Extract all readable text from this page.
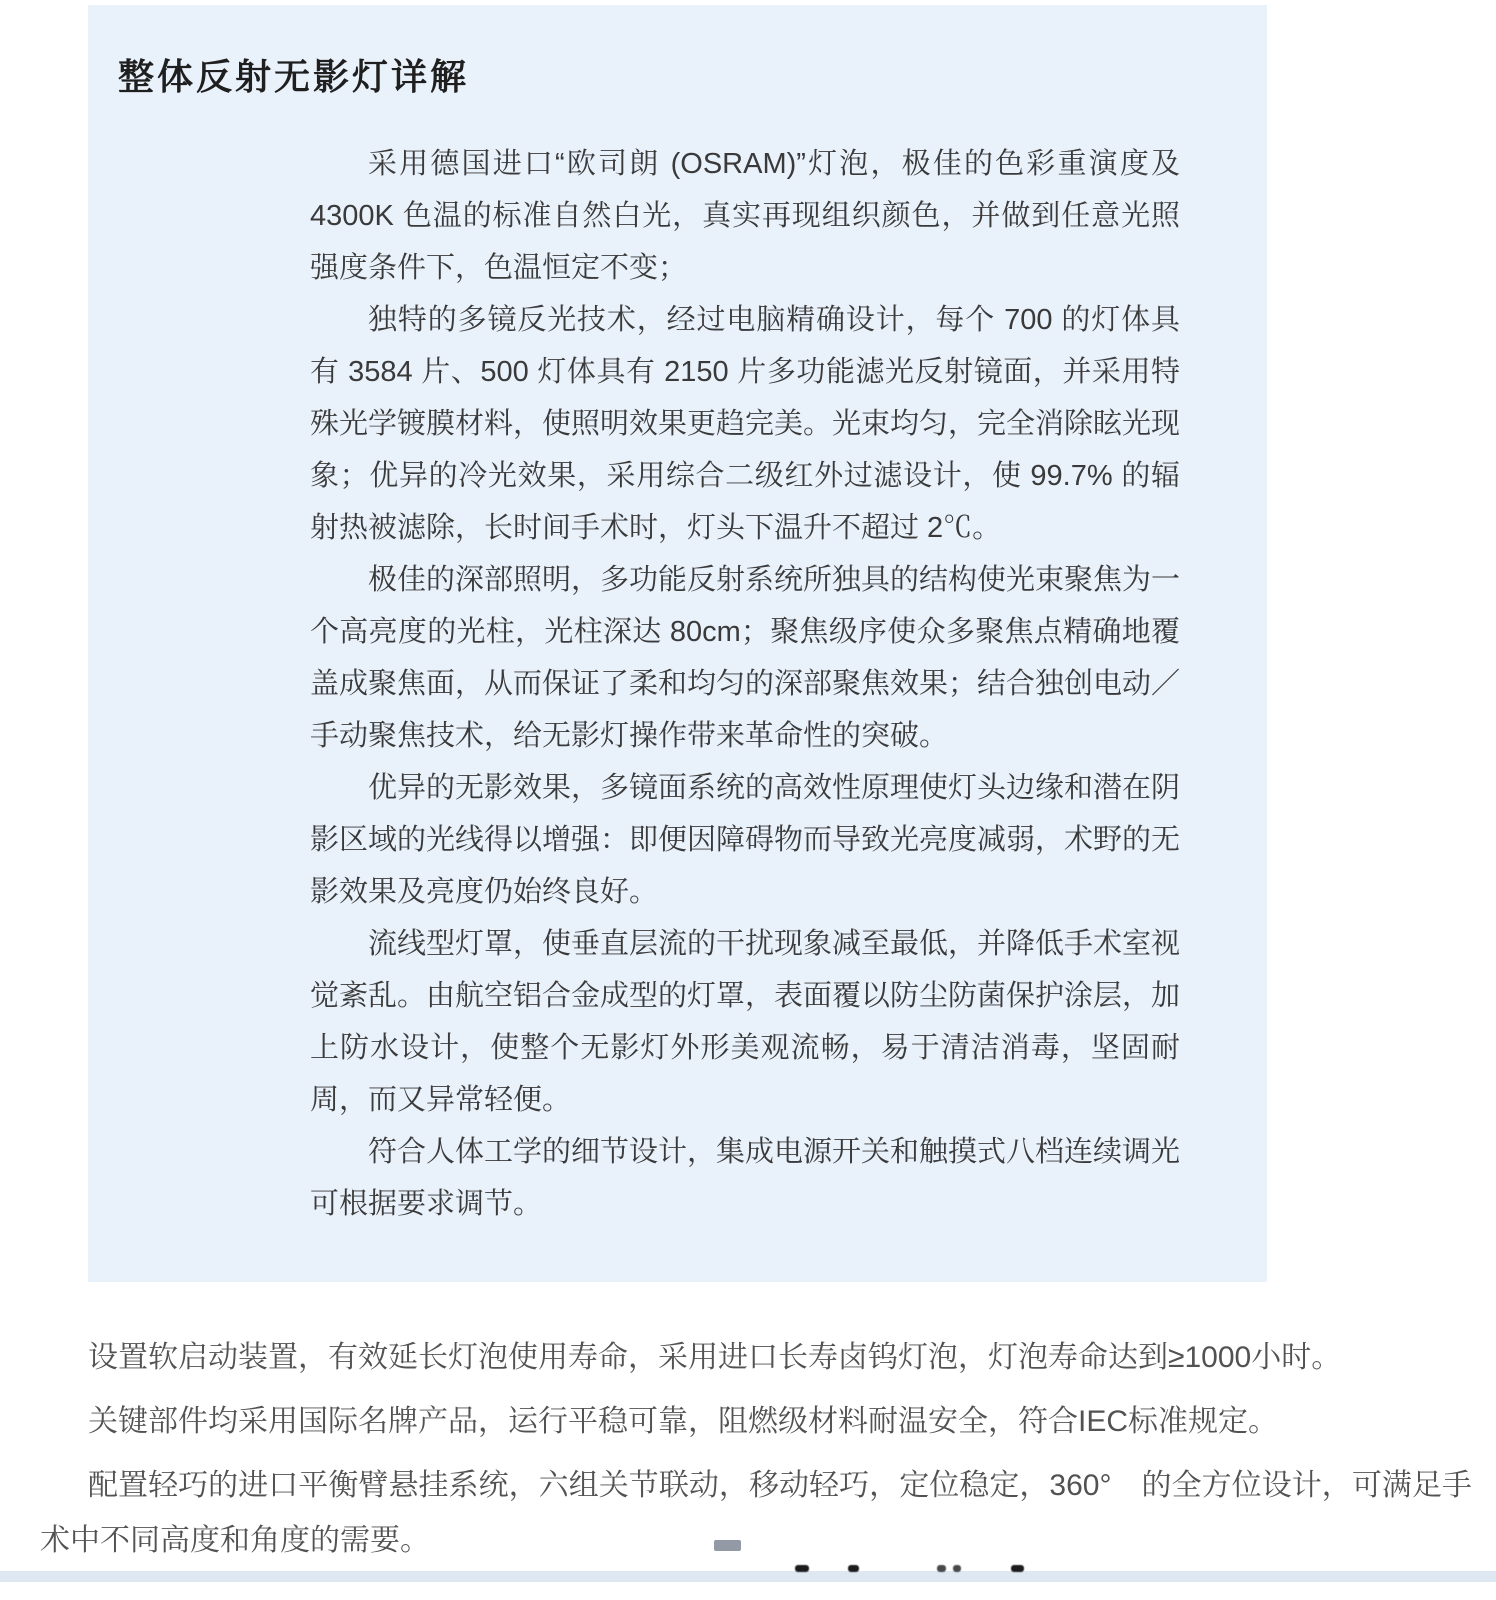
整体反射无影灯详解

采用德国进口“欧司朗 (OSRAM)”灯泡，极佳的色彩重演度及 4300K 色温的标准自然白光，真实再现组织颜色，并做到任意光照强度条件下，色温恒定不变；

独特的多镜反光技术，经过电脑精确设计，每个 700 的灯体具有 3584 片、500 灯体具有 2150 片多功能滤光反射镜面，并采用特殊光学镀膜材料，使照明效果更趋完美。光束均匀，完全消除眩光现象；优异的冷光效果，采用综合二级红外过滤设计，使 99.7% 的辐射热被滤除，长时间手术时，灯头下温升不超过 2℃。

极佳的深部照明，多功能反射系统所独具的结构使光束聚焦为一个高亮度的光柱，光柱深达 80cm；聚焦级序使众多聚焦点精确地覆盖成聚焦面，从而保证了柔和均匀的深部聚焦效果；结合独创电动／手动聚焦技术，给无影灯操作带来革命性的突破。

优异的无影效果，多镜面系统的高效性原理使灯头边缘和潜在阴影区域的光线得以增强：即便因障碍物而导致光亮度减弱，术野的无影效果及亮度仍始终良好。

流线型灯罩，使垂直层流的干扰现象减至最低，并降低手术室视觉紊乱。由航空铝合金成型的灯罩，表面覆以防尘防菌保护涂层，加上防水设计，使整个无影灯外形美观流畅，易于清洁消毒，坚固耐周，而又异常轻便。

符合人体工学的细节设计，集成电源开关和触摸式八档连续调光可根据要求调节。

设置软启动装置，有效延长灯泡使用寿命，采用进口长寿卤钨灯泡，灯泡寿命达到≥1000小时。

关键部件均采用国际名牌产品，运行平稳可靠，阻燃级材料耐温安全，符合IEC标准规定。

配置轻巧的进口平衡臂悬挂系统，六组关节联动，移动轻巧，定位稳定，360°　的全方位设计，可满足手术中不同高度和角度的需要。
